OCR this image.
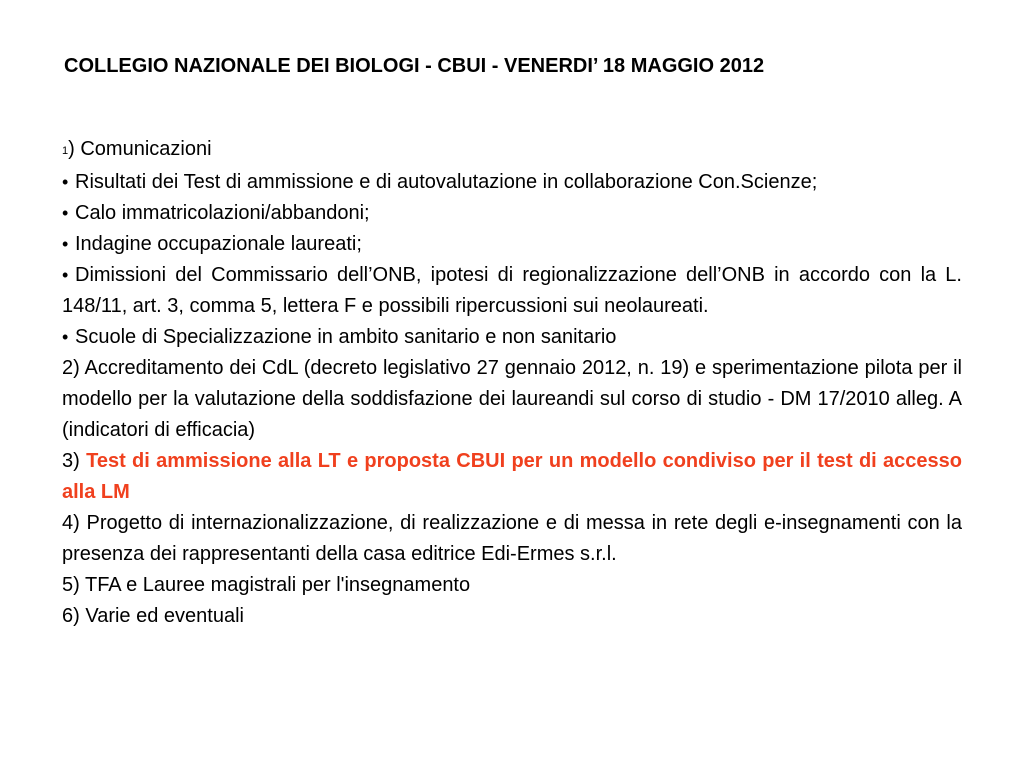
COLLEGIO NAZIONALE DEI BIOLOGI - CBUI - VENERDI’ 18 MAGGIO 2012

1) Comunicazioni

• Risultati dei Test di ammissione e di autovalutazione in collaborazione Con.Scienze;

• Calo immatricolazioni/abbandoni;

• Indagine occupazionale laureati;

• Dimissioni del Commissario dell’ONB, ipotesi di regionalizzazione dell’ONB in accordo con la L. 148/11, art. 3, comma 5, lettera F e possibili ripercussioni sui neolaureati.

• Scuole di Specializzazione in ambito sanitario e non sanitario

2) Accreditamento dei CdL (decreto legislativo 27 gennaio 2012, n. 19) e sperimentazione pilota per il modello per la valutazione della soddisfazione dei laureandi sul corso di studio - DM 17/2010 alleg. A (indicatori di efficacia)

3) Test di ammissione alla LT e proposta CBUI per un modello condiviso per il test di accesso alla LM

4) Progetto di internazionalizzazione, di realizzazione e di messa in rete degli e-insegnamenti con la presenza dei rappresentanti della casa editrice Edi-Ermes s.r.l.

5) TFA e Lauree magistrali per l'insegnamento

6) Varie ed eventuali
